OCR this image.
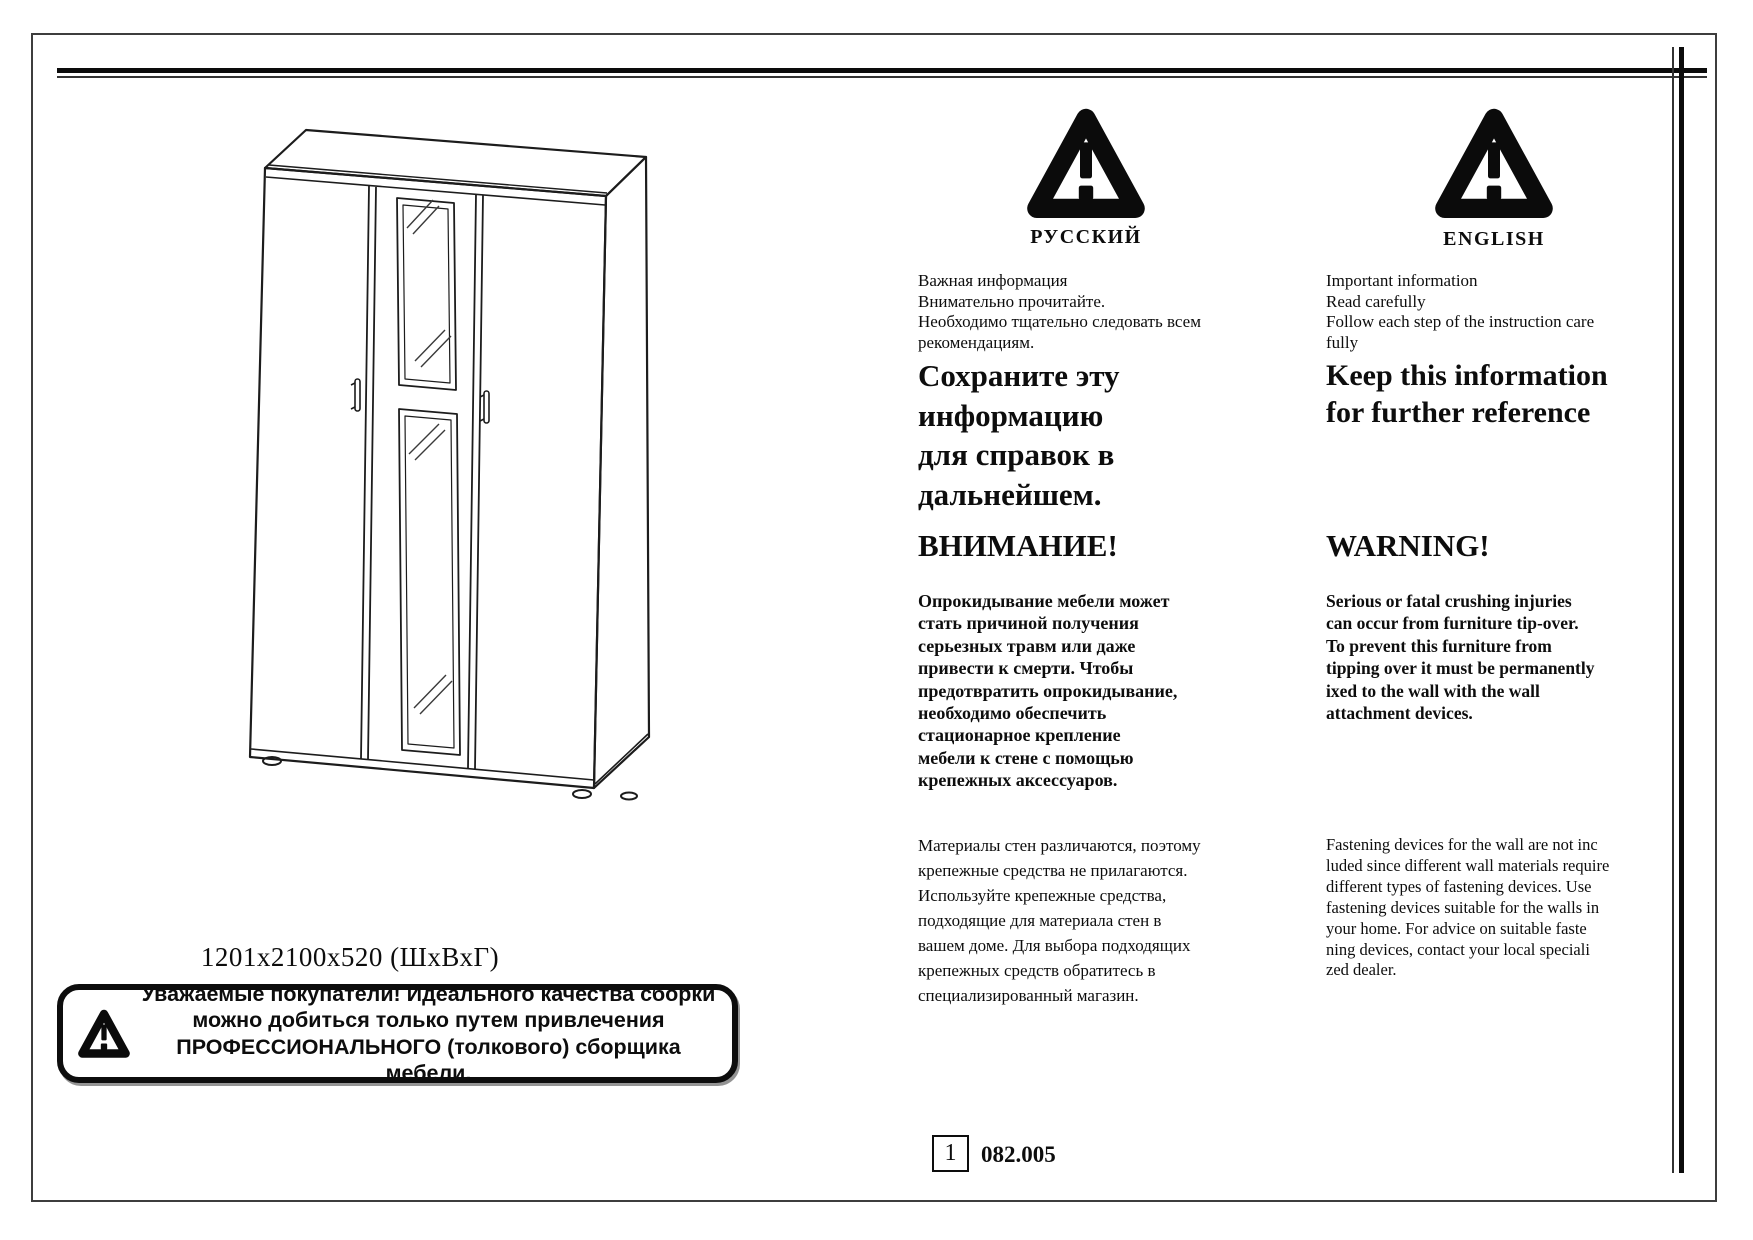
1201x2100x520 (ШхВхГ)
Уважаемые покупатели! Идеального качества сборки
можно добиться только путем привлечения
ПРОФЕССИОНАЛЬНОГО (толкового) сборщика мебели.
РУССКИЙ	ENGLISH
Важная информация
Внимательно прочитайте.
Необходимо тщательно следовать всем
рекомендациям.
Сохраните эту
информацию
для справок в
дальнейшем.
ВНИМАНИЕ!
Опрокидывание мебели может
стать причиной получения
серьезных травм или даже
привести к смерти. Чтобы
предотвратить опрокидывание,
необходимо обеспечить
стационарное крепление
мебели к стене с помощью
крепежных аксессуаров.
Материалы стен различаются, поэтому
крепежные средства не прилагаются.
Используйте крепежные средства,
подходящие для материала стен в
вашем доме. Для выбора подходящих
крепежных средств обратитесь в
специализированный магазин.
Important information
Read carefully
Follow each step of the instruction care
fully
Keep this information
for further reference
WARNING!
Serious or fatal crushing injuries
can occur from furniture tip-over.
To prevent this furniture from
tipping over it must be permanently
ixed to the wall with the wall
attachment devices.
Fastening devices for the wall are not inc
luded since different wall materials require
different types of fastening devices. Use
fastening devices suitable for the walls in
your home. For advice on suitable faste
ning devices, contact your local speciali
zed dealer.
1 082.005
